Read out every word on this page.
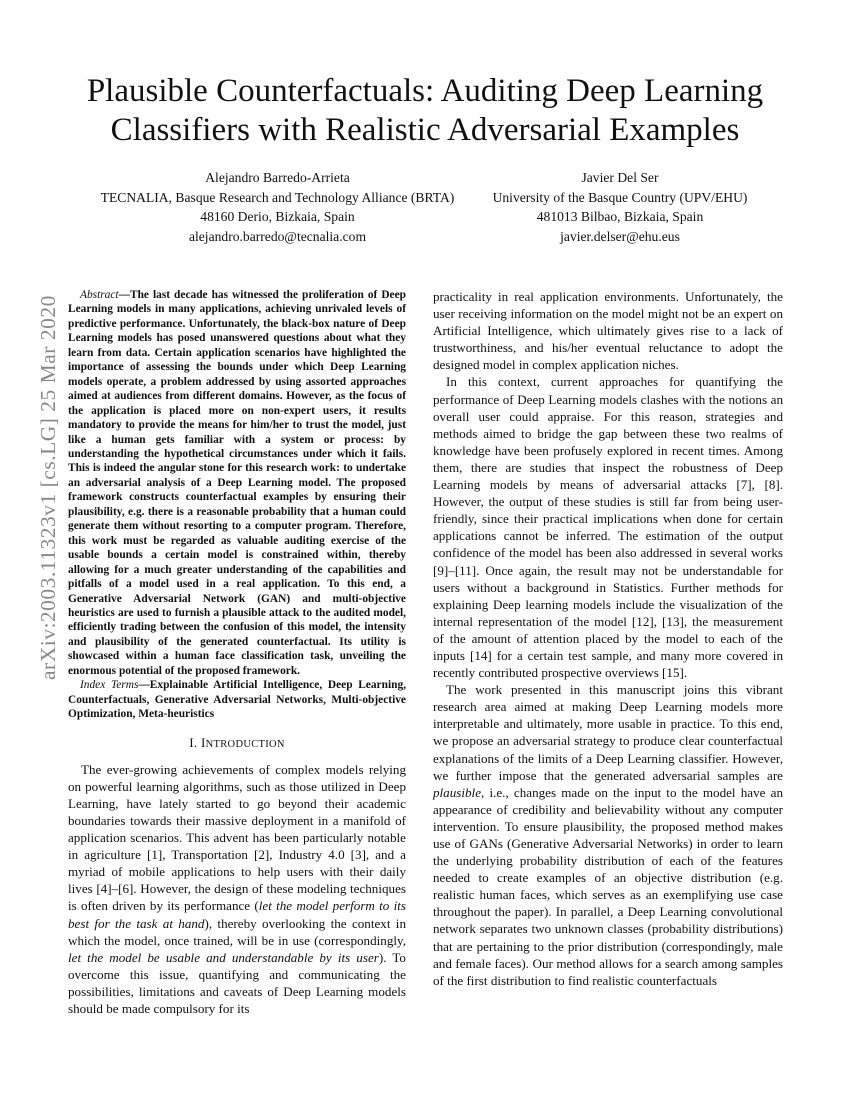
arXiv:2003.11323v1 [cs.LG] 25 Mar 2020
Plausible Counterfactuals: Auditing Deep Learning Classifiers with Realistic Adversarial Examples
Alejandro Barredo-Arrieta
TECNALIA, Basque Research and Technology Alliance (BRTA)
48160 Derio, Bizkaia, Spain
alejandro.barredo@tecnalia.com
Javier Del Ser
University of the Basque Country (UPV/EHU)
481013 Bilbao, Bizkaia, Spain
javier.delser@ehu.eus

Abstract—The last decade has witnessed the proliferation of Deep Learning models in many applications, achieving unrivaled levels of predictive performance. Unfortunately, the black-box nature of Deep Learning models has posed unanswered questions about what they learn from data. Certain application scenarios have highlighted the importance of assessing the bounds under which Deep Learning models operate, a problem addressed by using assorted approaches aimed at audiences from different domains. However, as the focus of the application is placed more on non-expert users, it results mandatory to provide the means for him/her to trust the model, just like a human gets familiar with a system or process: by understanding the hypothetical circumstances under which it fails. This is indeed the angular stone for this research work: to undertake an adversarial analysis of a Deep Learning model. The proposed framework constructs counterfactual examples by ensuring their plausibility, e.g. there is a reasonable probability that a human could generate them without resorting to a computer program. Therefore, this work must be regarded as valuable auditing exercise of the usable bounds a certain model is constrained within, thereby allowing for a much greater understanding of the capabilities and pitfalls of a model used in a real application. To this end, a Generative Adversarial Network (GAN) and multi-objective heuristics are used to furnish a plausible attack to the audited model, efficiently trading between the confusion of this model, the intensity and plausibility of the generated counterfactual. Its utility is showcased within a human face classification task, unveiling the enormous potential of the proposed framework.

Index Terms—Explainable Artificial Intelligence, Deep Learning, Counterfactuals, Generative Adversarial Networks, Multi-objective Optimization, Meta-heuristics

I. INTRODUCTION

The ever-growing achievements of complex models relying on powerful learning algorithms, such as those utilized in Deep Learning, have lately started to go beyond their academic boundaries towards their massive deployment in a manifold of application scenarios. This advent has been particularly notable in agriculture [1], Transportation [2], Industry 4.0 [3], and a myriad of mobile applications to help users with their daily lives [4]–[6]. However, the design of these modeling techniques is often driven by its performance (let the model perform to its best for the task at hand), thereby overlooking the context in which the model, once trained, will be in use (correspondingly, let the model be usable and understandable by its user). To overcome this issue, quantifying and communicating the possibilities, limitations and caveats of Deep Learning models should be made compulsory for its

practicality in real application environments. Unfortunately, the user receiving information on the model might not be an expert on Artificial Intelligence, which ultimately gives rise to a lack of trustworthiness, and his/her eventual reluctance to adopt the designed model in complex application niches.

In this context, current approaches for quantifying the performance of Deep Learning models clashes with the notions an overall user could appraise. For this reason, strategies and methods aimed to bridge the gap between these two realms of knowledge have been profusely explored in recent times. Among them, there are studies that inspect the robustness of Deep Learning models by means of adversarial attacks [7], [8]. However, the output of these studies is still far from being user-friendly, since their practical implications when done for certain applications cannot be inferred. The estimation of the output confidence of the model has been also addressed in several works [9]–[11]. Once again, the result may not be understandable for users without a background in Statistics. Further methods for explaining Deep learning models include the visualization of the internal representation of the model [12], [13], the measurement of the amount of attention placed by the model to each of the inputs [14] for a certain test sample, and many more covered in recently contributed prospective overviews [15].

The work presented in this manuscript joins this vibrant research area aimed at making Deep Learning models more interpretable and ultimately, more usable in practice. To this end, we propose an adversarial strategy to produce clear counterfactual explanations of the limits of a Deep Learning classifier. However, we further impose that the generated adversarial samples are plausible, i.e., changes made on the input to the model have an appearance of credibility and believability without any computer intervention. To ensure plausibility, the proposed method makes use of GANs (Generative Adversarial Networks) in order to learn the underlying probability distribution of each of the features needed to create examples of an objective distribution (e.g. realistic human faces, which serves as an exemplifying use case throughout the paper). In parallel, a Deep Learning convolutional network separates two unknown classes (probability distributions) that are pertaining to the prior distribution (correspondingly, male and female faces). Our method allows for a search among samples of the first distribution to find realistic counterfactuals
